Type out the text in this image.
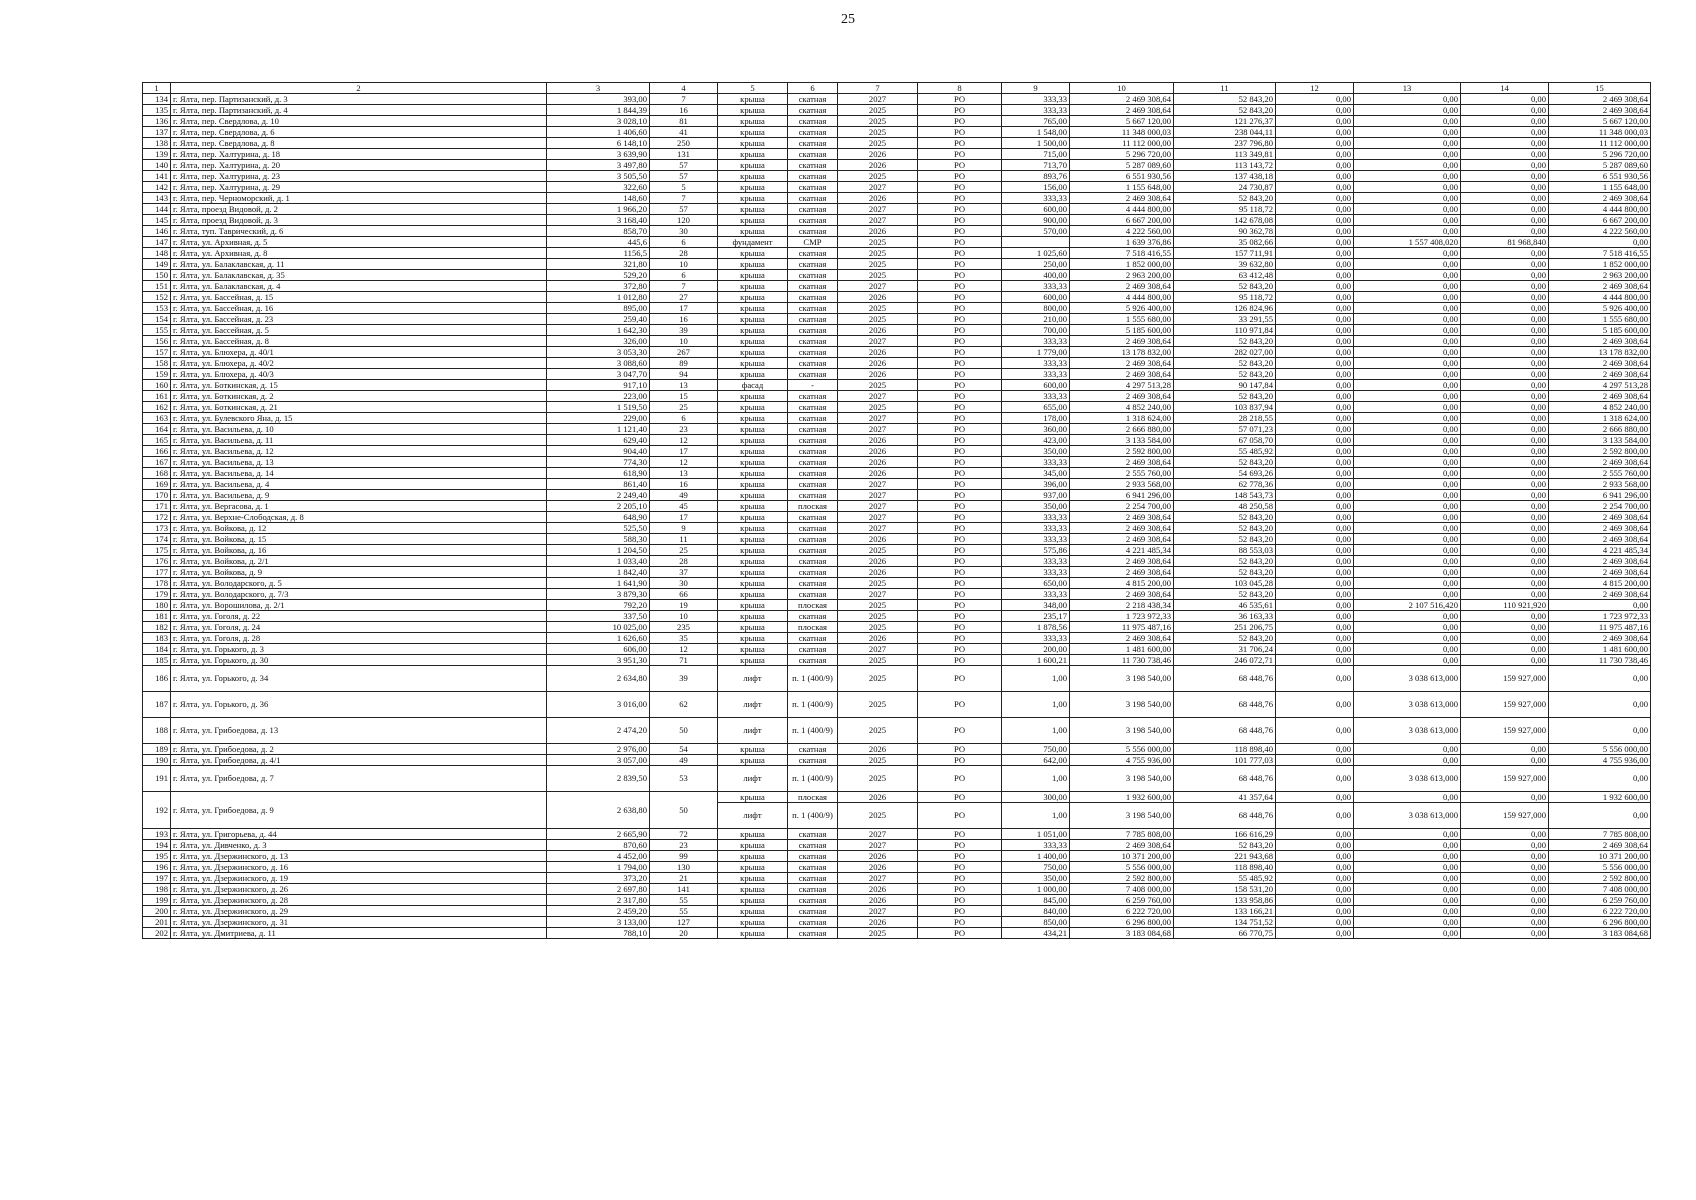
25
1	2	3	4	5	6	7	8	9	10	11	12	13	14	15
134	г. Ялта, пер. Партизанский, д. 3	393,00	7	крыша	скатная	2027	РО	333,33	2 469 308,64	52 843,20	0,00	0,00	0,00	2 469 308,64
135	г. Ялта, пер. Партизанский, д. 4	1 844,39	16	крыша	скатная	2025	РО	333,33	2 469 308,64	52 843,20	0,00	0,00	0,00	2 469 308,64
136	г. Ялта, пер. Свердлова, д. 10	3 028,10	81	крыша	скатная	2025	РО	765,00	5 667 120,00	121 276,37	0,00	0,00	0,00	5 667 120,00
137	г. Ялта, пер. Свердлова, д. 6	1 406,60	41	крыша	скатная	2025	РО	1 548,00	11 348 000,03	238 044,11	0,00	0,00	0,00	11 348 000,03
138	г. Ялта, пер. Свердлова, д. 8	6 148,10	250	крыша	скатная	2025	РО	1 500,00	11 112 000,00	237 796,80	0,00	0,00	0,00	11 112 000,00
139	г. Ялта, пер. Халтурина, д. 18	3 639,90	131	крыша	скатная	2026	РО	715,00	5 296 720,00	113 349,81	0,00	0,00	0,00	5 296 720,00
140	г. Ялта, пер. Халтурина, д. 20	3 497,80	57	крыша	скатная	2026	РО	713,70	5 287 089,60	113 143,72	0,00	0,00	0,00	5 287 089,60
141	г. Ялта, пер. Халтурина, д. 23	3 505,50	57	крыша	скатная	2025	РО	893,76	6 551 930,56	137 438,18	0,00	0,00	0,00	6 551 930,56
142	г. Ялта, пер. Халтурина, д. 29	322,60	5	крыша	скатная	2027	РО	156,00	1 155 648,00	24 730,87	0,00	0,00	0,00	1 155 648,00
143	г. Ялта, пер. Черноморский, д. 1	148,60	7	крыша	скатная	2026	РО	333,33	2 469 308,64	52 843,20	0,00	0,00	0,00	2 469 308,64
144	г. Ялта, проезд Видовой, д. 2	1 966,20	57	крыша	скатная	2027	РО	600,00	4 444 800,00	95 118,72	0,00	0,00	0,00	4 444 800,00
145	г. Ялта, проезд Видовой, д. 3	3 168,40	120	крыша	скатная	2027	РО	900,00	6 667 200,00	142 678,08	0,00	0,00	0,00	6 667 200,00
146	г. Ялта, туп. Таврический, д. 6	858,70	30	крыша	скатная	2026	РО	570,00	4 222 560,00	90 362,78	0,00	0,00	0,00	4 222 560,00
147	г. Ялта, ул. Архивная, д. 5	445,6	6	фундамент	СМР	2025	РО		1 639 376,86	35 082,66	0,00	1 557 408,020	81 968,840	0,00
148	г. Ялта, ул. Архивная, д. 8	1156,5	28	крыша	скатная	2025	РО	1 025,60	7 518 416,55	157 711,91	0,00	0,00	0,00	7 518 416,55
149	г. Ялта, ул. Балаклавская, д. 11	321,80	10	крыша	скатная	2025	РО	250,00	1 852 000,00	39 632,80	0,00	0,00	0,00	1 852 000,00
150	г. Ялта, ул. Балаклавская, д. 35	529,20	6	крыша	скатная	2025	РО	400,00	2 963 200,00	63 412,48	0,00	0,00	0,00	2 963 200,00
151	г. Ялта, ул. Балаклавская, д. 4	372,80	7	крыша	скатная	2027	РО	333,33	2 469 308,64	52 843,20	0,00	0,00	0,00	2 469 308,64
152	г. Ялта, ул. Бассейная, д. 15	1 012,80	27	крыша	скатная	2026	РО	600,00	4 444 800,00	95 118,72	0,00	0,00	0,00	4 444 800,00
153	г. Ялта, ул. Бассейная, д. 16	895,00	17	крыша	скатная	2025	РО	800,00	5 926 400,00	126 824,96	0,00	0,00	0,00	5 926 400,00
154	г. Ялта, ул. Бассейная, д. 23	259,40	16	крыша	скатная	2025	РО	210,00	1 555 680,00	33 291,55	0,00	0,00	0,00	1 555 680,00
155	г. Ялта, ул. Бассейная, д. 5	1 642,30	39	крыша	скатная	2026	РО	700,00	5 185 600,00	110 971,84	0,00	0,00	0,00	5 185 600,00
156	г. Ялта, ул. Бассейная, д. 8	326,00	10	крыша	скатная	2027	РО	333,33	2 469 308,64	52 843,20	0,00	0,00	0,00	2 469 308,64
157	г. Ялта, ул. Блюхера, д. 40/1	3 053,30	267	крыша	скатная	2026	РО	1 779,00	13 178 832,00	282 027,00	0,00	0,00	0,00	13 178 832,00
158	г. Ялта, ул. Блюхера, д. 40/2	3 088,60	89	крыша	скатная	2026	РО	333,33	2 469 308,64	52 843,20	0,00	0,00	0,00	2 469 308,64
159	г. Ялта, ул. Блюхера, д. 40/3	3 047,70	94	крыша	скатная	2026	РО	333,33	2 469 308,64	52 843,20	0,00	0,00	0,00	2 469 308,64
160	г. Ялта, ул. Боткинская, д. 15	917,10	13	фасад	-	2025	РО	600,00	4 297 513,28	90 147,84	0,00	0,00	0,00	4 297 513,28
161	г. Ялта, ул. Боткинская, д. 2	223,00	15	крыша	скатная	2027	РО	333,33	2 469 308,64	52 843,20	0,00	0,00	0,00	2 469 308,64
162	г. Ялта, ул. Боткинская, д. 21	1 519,50	25	крыша	скатная	2025	РО	655,00	4 852 240,00	103 837,94	0,00	0,00	0,00	4 852 240,00
163	г. Ялта, ул. Булевского Яна, д. 15	229,00	6	крыша	скатная	2027	РО	178,00	1 318 624,00	28 218,55	0,00	0,00	0,00	1 318 624,00
164	г. Ялта, ул. Васильева, д. 10	1 121,40	23	крыша	скатная	2027	РО	360,00	2 666 880,00	57 071,23	0,00	0,00	0,00	2 666 880,00
165	г. Ялта, ул. Васильева, д. 11	629,40	12	крыша	скатная	2026	РО	423,00	3 133 584,00	67 058,70	0,00	0,00	0,00	3 133 584,00
166	г. Ялта, ул. Васильева, д. 12	904,40	17	крыша	скатная	2026	РО	350,00	2 592 800,00	55 485,92	0,00	0,00	0,00	2 592 800,00
167	г. Ялта, ул. Васильева, д. 13	774,30	12	крыша	скатная	2026	РО	333,33	2 469 308,64	52 843,20	0,00	0,00	0,00	2 469 308,64
168	г. Ялта, ул. Васильева, д. 14	618,90	13	крыша	скатная	2026	РО	345,00	2 555 760,00	54 693,26	0,00	0,00	0,00	2 555 760,00
169	г. Ялта, ул. Васильева, д. 4	861,40	16	крыша	скатная	2027	РО	396,00	2 933 568,00	62 778,36	0,00	0,00	0,00	2 933 568,00
170	г. Ялта, ул. Васильева, д. 9	2 249,40	49	крыша	скатная	2027	РО	937,00	6 941 296,00	148 543,73	0,00	0,00	0,00	6 941 296,00
171	г. Ялта, ул. Вергасова, д. 1	2 205,10	45	крыша	плоская	2027	РО	350,00	2 254 700,00	48 250,58	0,00	0,00	0,00	2 254 700,00
172	г. Ялта, ул. Верхне-Слободская, д. 8	648,90	17	крыша	скатная	2027	РО	333,33	2 469 308,64	52 843,20	0,00	0,00	0,00	2 469 308,64
173	г. Ялта, ул. Войкова, д. 12	525,50	9	крыша	скатная	2027	РО	333,33	2 469 308,64	52 843,20	0,00	0,00	0,00	2 469 308,64
174	г. Ялта, ул. Войкова, д. 15	588,30	11	крыша	скатная	2026	РО	333,33	2 469 308,64	52 843,20	0,00	0,00	0,00	2 469 308,64
175	г. Ялта, ул. Войкова, д. 16	1 204,50	25	крыша	скатная	2025	РО	575,86	4 221 485,34	88 553,03	0,00	0,00	0,00	4 221 485,34
176	г. Ялта, ул. Войкова, д. 2/1	1 033,40	28	крыша	скатная	2026	РО	333,33	2 469 308,64	52 843,20	0,00	0,00	0,00	2 469 308,64
177	г. Ялта, ул. Войкова, д. 9	1 842,40	37	крыша	скатная	2026	РО	333,33	2 469 308,64	52 843,20	0,00	0,00	0,00	2 469 308,64
178	г. Ялта, ул. Володарского, д. 5	1 641,90	30	крыша	скатная	2025	РО	650,00	4 815 200,00	103 045,28	0,00	0,00	0,00	4 815 200,00
179	г. Ялта, ул. Володарского, д. 7/3	3 879,30	66	крыша	скатная	2027	РО	333,33	2 469 308,64	52 843,20	0,00	0,00	0,00	2 469 308,64
180	г. Ялта, ул. Ворошилова, д. 2/1	792,20	19	крыша	плоская	2025	РО	348,00	2 218 438,34	46 535,61	0,00	2 107 516,420	110 921,920	0,00
181	г. Ялта, ул. Гоголя, д. 22	337,50	10	крыша	скатная	2025	РО	235,17	1 723 972,33	36 163,33	0,00	0,00	0,00	1 723 972,33
182	г. Ялта, ул. Гоголя, д. 24	10 025,00	235	крыша	плоская	2025	РО	1 878,56	11 975 487,16	251 206,75	0,00	0,00	0,00	11 975 487,16
183	г. Ялта, ул. Гоголя, д. 28	1 626,60	35	крыша	скатная	2026	РО	333,33	2 469 308,64	52 843,20	0,00	0,00	0,00	2 469 308,64
184	г. Ялта, ул. Горького, д. 3	606,00	12	крыша	скатная	2027	РО	200,00	1 481 600,00	31 706,24	0,00	0,00	0,00	1 481 600,00
185	г. Ялта, ул. Горького, д. 30	3 951,30	71	крыша	скатная	2025	РО	1 600,21	11 730 738,46	246 072,71	0,00	0,00	0,00	11 730 738,46
186	г. Ялта, ул. Горького, д. 34	2 634,80	39	лифт	п. 1 (400/9)	2025	РО	1,00	3 198 540,00	68 448,76	0,00	3 038 613,000	159 927,000	0,00
187	г. Ялта, ул. Горького, д. 36	3 016,00	62	лифт	п. 1 (400/9)	2025	РО	1,00	3 198 540,00	68 448,76	0,00	3 038 613,000	159 927,000	0,00
188	г. Ялта, ул. Грибоедова, д. 13	2 474,20	50	лифт	п. 1 (400/9)	2025	РО	1,00	3 198 540,00	68 448,76	0,00	3 038 613,000	159 927,000	0,00
189	г. Ялта, ул. Грибоедова, д. 2	2 976,00	54	крыша	скатная	2026	РО	750,00	5 556 000,00	118 898,40	0,00	0,00	0,00	5 556 000,00
190	г. Ялта, ул. Грибоедова, д. 4/1	3 057,00	49	крыша	скатная	2025	РО	642,00	4 755 936,00	101 777,03	0,00	0,00	0,00	4 755 936,00
191	г. Ялта, ул. Грибоедова, д. 7	2 839,50	53	лифт	п. 1 (400/9)	2025	РО	1,00	3 198 540,00	68 448,76	0,00	3 038 613,000	159 927,000	0,00
192	г. Ялта, ул. Грибоедова, д. 9	2 638,80	50	крыша	плоская	2026	РО	300,00	1 932 600,00	41 357,64	0,00	0,00	0,00	1 932 600,00
				лифт	п. 1 (400/9)	2025	РО	1,00	3 198 540,00	68 448,76	0,00	3 038 613,000	159 927,000	0,00
193	г. Ялта, ул. Григорьева, д. 44	2 665,90	72	крыша	скатная	2027	РО	1 051,00	7 785 808,00	166 616,29	0,00	0,00	0,00	7 785 808,00
194	г. Ялта, ул. Дивченко, д. 3	870,60	23	крыша	скатная	2027	РО	333,33	2 469 308,64	52 843,20	0,00	0,00	0,00	2 469 308,64
195	г. Ялта, ул. Дзержинского, д. 13	4 452,00	99	крыша	скатная	2026	РО	1 400,00	10 371 200,00	221 943,68	0,00	0,00	0,00	10 371 200,00
196	г. Ялта, ул. Дзержинского, д. 16	1 794,00	130	крыша	скатная	2026	РО	750,00	5 556 000,00	118 898,40	0,00	0,00	0,00	5 556 000,00
197	г. Ялта, ул. Дзержинского, д. 19	373,20	21	крыша	скатная	2027	РО	350,00	2 592 800,00	55 485,92	0,00	0,00	0,00	2 592 800,00
198	г. Ялта, ул. Дзержинского, д. 26	2 697,80	141	крыша	скатная	2026	РО	1 000,00	7 408 000,00	158 531,20	0,00	0,00	0,00	7 408 000,00
199	г. Ялта, ул. Дзержинского, д. 28	2 317,80	55	крыша	скатная	2026	РО	845,00	6 259 760,00	133 958,86	0,00	0,00	0,00	6 259 760,00
200	г. Ялта, ул. Дзержинского, д. 29	2 459,20	55	крыша	скатная	2027	РО	840,00	6 222 720,00	133 166,21	0,00	0,00	0,00	6 222 720,00
201	г. Ялта, ул. Дзержинского, д. 31	3 133,00	127	крыша	скатная	2026	РО	850,00	6 296 800,00	134 751,52	0,00	0,00	0,00	6 296 800,00
202	г. Ялта, ул. Дмитриева, д. 11	788,10	20	крыша	скатная	2025	РО	434,21	3 183 084,68	66 770,75	0,00	0,00	0,00	3 183 084,68
